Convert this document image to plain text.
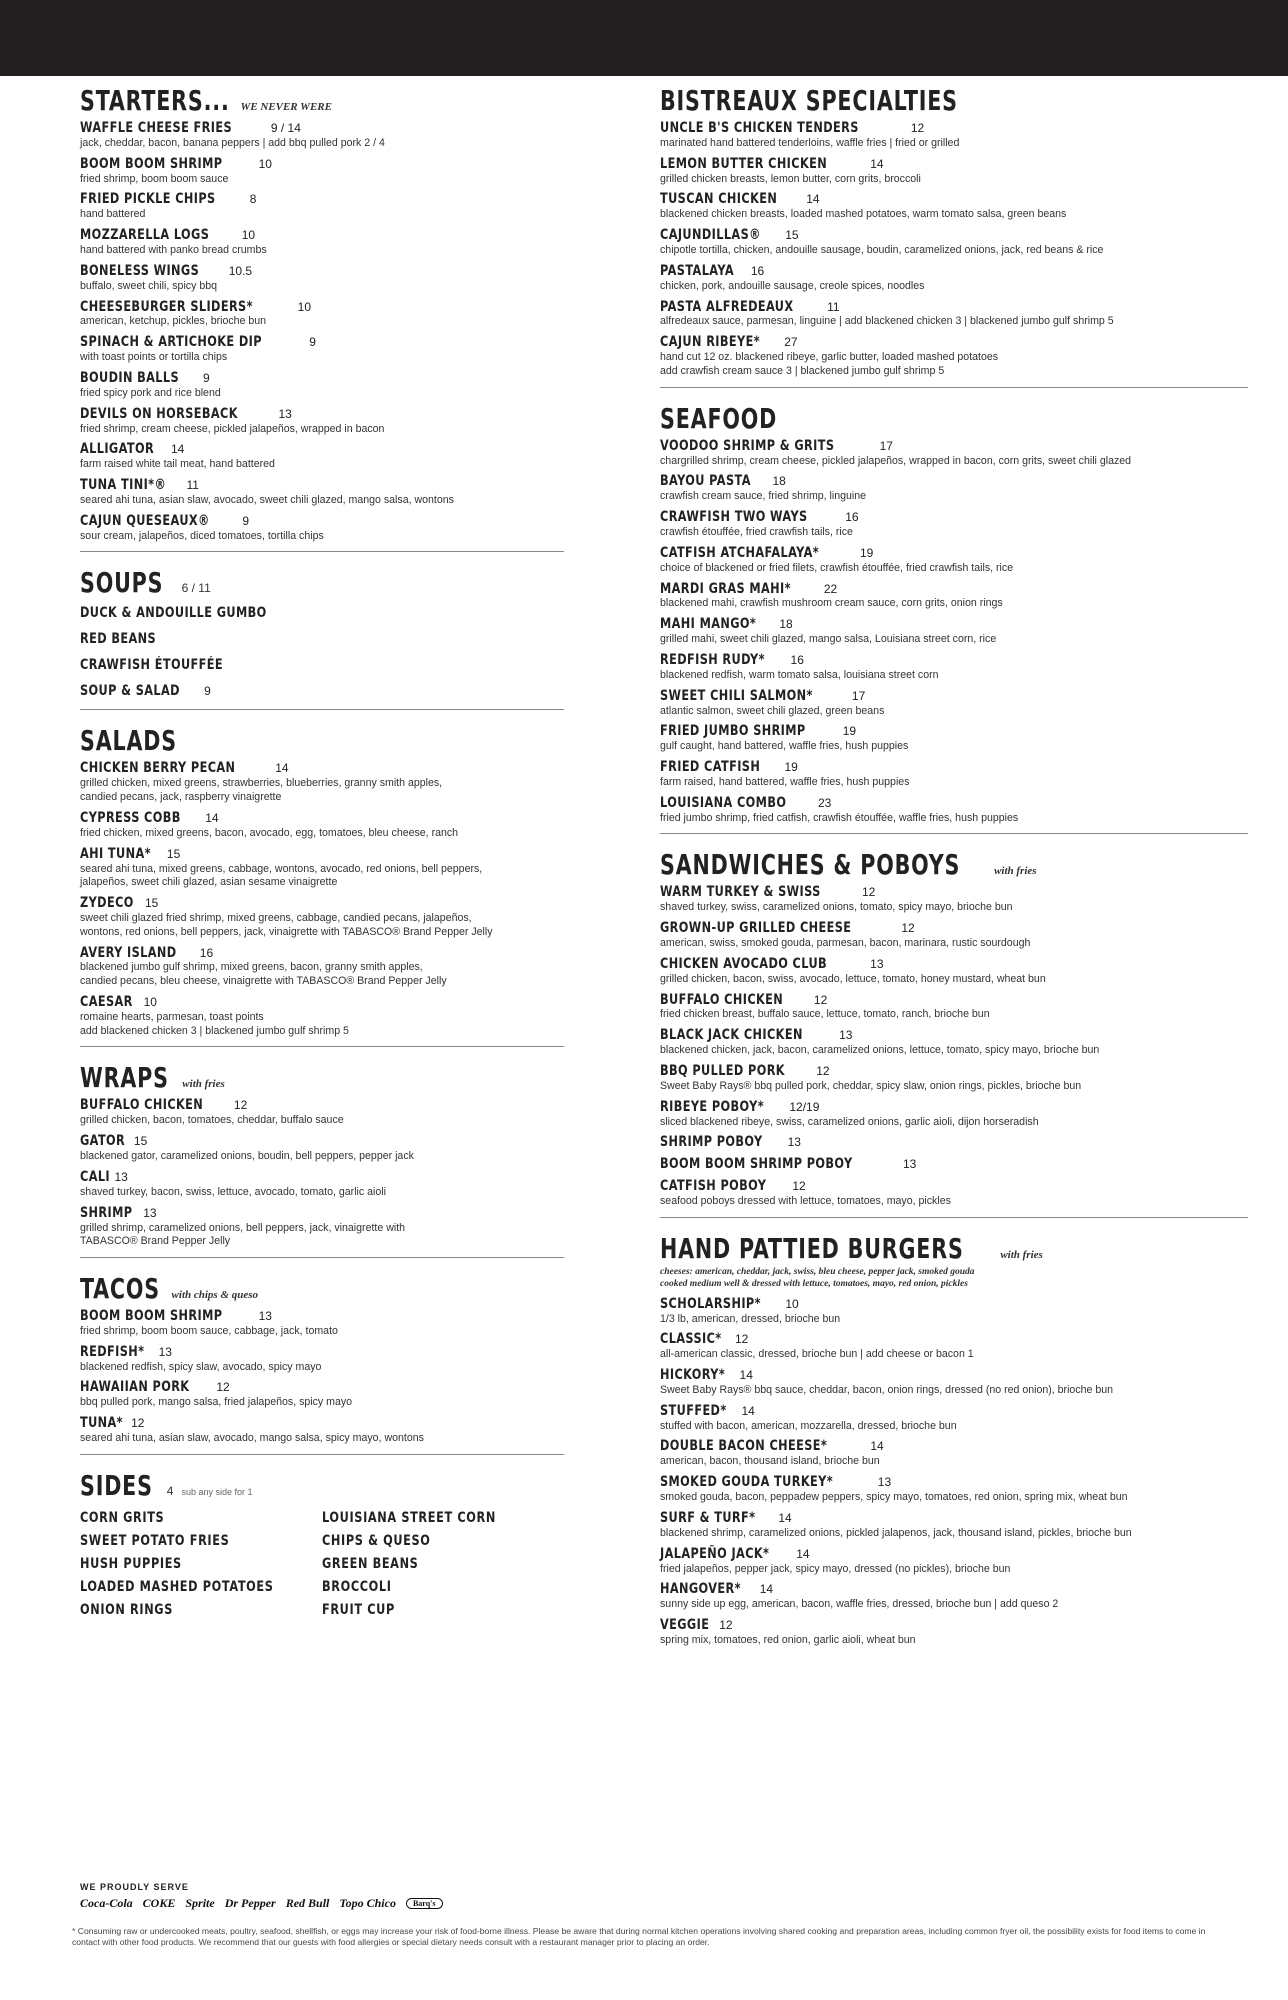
STARTERS... WE NEVER WERE
WAFFLE CHEESE FRIES	9 / 14
jack, cheddar, bacon, banana peppers | add bbq pulled pork 2 / 4
BOOM BOOM SHRIMP	10
fried shrimp, boom boom sauce
FRIED PICKLE CHIPS	8
hand battered
MOZZARELLA LOGS	10
hand battered with panko bread crumbs
BONELESS WINGS 10.5
buffalo, sweet chili, spicy bbq
CHEESEBURGER SLIDERS*	10
american, ketchup, pickles, brioche bun
SPINACH & ARTICHOKE DIP	9
with toast points or tortilla chips
BOUDIN BALLS 9
fried spicy pork and rice blend
DEVILS ON HORSEBACK	13
fried shrimp, cream cheese, pickled jalapeños, wrapped in bacon
ALLIGATOR 14
farm raised white tail meat, hand battered
TUNA TINI*® 11
seared ahi tuna, asian slaw, avocado, sweet chili glazed, mango salsa, wontons
CAJUN QUESEAUX®	9
sour cream, jalapeños, diced tomatoes, tortilla chips
SOUPS 6 / 11
DUCK & ANDOUILLE GUMBO
RED BEANS
CRAWFISH ÉTOUFFÉE
SOUP & SALAD 9
SALADS
CHICKEN BERRY PECAN	14
grilled chicken, mixed greens, strawberries, blueberries, granny smith apples,
candied pecans, jack, raspberry vinaigrette
CYPRESS COBB 14
fried chicken, mixed greens, bacon, avocado, egg, tomatoes, bleu cheese, ranch
AHI TUNA* 15
seared ahi tuna, mixed greens, cabbage, wontons, avocado, red onions, bell peppers,
jalapeños, sweet chili glazed, asian sesame vinaigrette
ZYDECO 15
sweet chili glazed fried shrimp, mixed greens, cabbage, candied pecans, jalapeños,
wontons, red onions, bell peppers, jack, vinaigrette with TABASCO® Brand Pepper Jelly
AVERY ISLAND 16
blackened jumbo gulf shrimp, mixed greens, bacon, granny smith apples,
candied pecans, bleu cheese, vinaigrette with TABASCO® Brand Pepper Jelly
CAESAR 10
romaine hearts, parmesan, toast points
add blackened chicken 3 | blackened jumbo gulf shrimp 5
WRAPS with fries
BUFFALO CHICKEN	12
grilled chicken, bacon, tomatoes, cheddar, buffalo sauce
GATOR 15
blackened gator, caramelized onions, boudin, bell peppers, pepper jack
CALI 13
shaved turkey, bacon, swiss, lettuce, avocado, tomato, garlic aioli
SHRIMP 13
grilled shrimp, caramelized onions, bell peppers, jack, vinaigrette with
TABASCO® Brand Pepper Jelly
TACOS with chips & queso
BOOM BOOM SHRIMP	13
fried shrimp, boom boom sauce, cabbage, jack, tomato
REDFISH* 13
blackened redfish, spicy slaw, avocado, spicy mayo
HAWAIIAN PORK 12
bbq pulled pork, mango salsa, fried jalapeños, spicy mayo
TUNA* 12
seared ahi tuna, asian slaw, avocado, mango salsa, spicy mayo, wontons
SIDES 4 sub any side for 1
CORN GRITS	LOUISIANA STREET CORN
SWEET POTATO FRIES	CHIPS & QUESO
HUSH PUPPIES	GREEN BEANS
LOADED MASHED POTATOES	BROCCOLI
ONION RINGS	FRUIT CUP
WE PROUDLY SERVE
Coca-Cola COKE Sprite Dr Pepper Red Bull Topo Chico	Barq's
BISTREAUX SPECIALTIES
UNCLE B'S CHICKEN TENDERS	12
marinated hand battered tenderloins, waffle fries | fried or grilled
LEMON BUTTER CHICKEN	14
grilled chicken breasts, lemon butter, corn grits, broccoli
TUSCAN CHICKEN 14
blackened chicken breasts, loaded mashed potatoes, warm tomato salsa, green beans
CAJUNDILLAS® 15
chipotle tortilla, chicken, andouille sausage, boudin, caramelized onions, jack, red beans & rice
PASTALAYA 16
chicken, pork, andouille sausage, creole spices, noodles
PASTA ALFREDEAUX	11
alfredeaux sauce, parmesan, linguine | add blackened chicken 3 | blackened jumbo gulf shrimp 5
CAJUN RIBEYE* 27
hand cut 12 oz. blackened ribeye, garlic butter, loaded mashed potatoes
add crawfish cream sauce 3 | blackened jumbo gulf shrimp 5
SEAFOOD
VOODOO SHRIMP & GRITS	17
chargrilled shrimp, cream cheese, pickled jalapeños, wrapped in bacon, corn grits, sweet chili glazed
BAYOU PASTA 18
crawfish cream sauce, fried shrimp, linguine
CRAWFISH TWO WAYS	16
crawfish étouffée, fried crawfish tails, rice
CATFISH ATCHAFALAYA*	19
choice of blackened or fried filets, crawfish étouffée, fried crawfish tails, rice
MARDI GRAS MAHI*	22
blackened mahi, crawfish mushroom cream sauce, corn grits, onion rings
MAHI MANGO* 18
grilled mahi, sweet chili glazed, mango salsa, Louisiana street corn, rice
REDFISH RUDY* 16
blackened redfish, warm tomato salsa, louisiana street corn
SWEET CHILI SALMON*	17
atlantic salmon, sweet chili glazed, green beans
FRIED JUMBO SHRIMP	19
gulf caught, hand battered, waffle fries, hush puppies
FRIED CATFISH 19
farm raised, hand battered, waffle fries, hush puppies
LOUISIANA COMBO	23
fried jumbo shrimp, fried catfish, crawfish étouffée, waffle fries, hush puppies
SANDWICHES & POBOYS	with fries
WARM TURKEY & SWISS	12
shaved turkey, swiss, caramelized onions, tomato, spicy mayo, brioche bun
GROWN-UP GRILLED CHEESE	12
american, swiss, smoked gouda, parmesan, bacon, marinara, rustic sourdough
CHICKEN AVOCADO CLUB	13
grilled chicken, bacon, swiss, avocado, lettuce, tomato, honey mustard, wheat bun
BUFFALO CHICKEN	12
fried chicken breast, buffalo sauce, lettuce, tomato, ranch, brioche bun
BLACK JACK CHICKEN	13
blackened chicken, jack, bacon, caramelized onions, lettuce, tomato, spicy mayo, brioche bun
BBQ PULLED PORK	12
Sweet Baby Rays® bbq pulled pork, cheddar, spicy slaw, onion rings, pickles, brioche bun
RIBEYE POBOY* 12/19
sliced blackened ribeye, swiss, caramelized onions, garlic aioli, dijon horseradish
SHRIMP POBOY 13
BOOM BOOM SHRIMP POBOY	13
CATFISH POBOY 12
seafood poboys dressed with lettuce, tomatoes, mayo, pickles
HAND PATTIED BURGERS	with fries
cheeses: american, cheddar, jack, swiss, bleu cheese, pepper jack, smoked gouda
cooked medium well & dressed with lettuce, tomatoes, mayo, red onion, pickles
SCHOLARSHIP* 10
1/3 lb, american, dressed, brioche bun
CLASSIC* 12
all-american classic, dressed, brioche bun | add cheese or bacon 1
HICKORY* 14
Sweet Baby Rays® bbq sauce, cheddar, bacon, onion rings, dressed (no red onion), brioche bun
STUFFED* 14
stuffed with bacon, american, mozzarella, dressed, brioche bun
DOUBLE BACON CHEESE*	14
american, bacon, thousand island, brioche bun
SMOKED GOUDA TURKEY*	13
smoked gouda, bacon, peppadew peppers, spicy mayo, tomatoes, red onion, spring mix, wheat bun
SURF & TURF* 14
blackened shrimp, caramelized onions, pickled jalapenos, jack, thousand island, pickles, brioche bun
JALAPEÑO JACK* 14
fried jalapeños, pepper jack, spicy mayo, dressed (no pickles), brioche bun
HANGOVER* 14
sunny side up egg, american, bacon, waffle fries, dressed, brioche bun | add queso 2
VEGGIE 12
spring mix, tomatoes, red onion, garlic aioli, wheat bun
* Consuming raw or undercooked meats, poultry, seafood, shellfish, or eggs may increase your risk of food-borne illness. Please be aware that during normal kitchen operations involving shared cooking and preparation areas, including common fryer oil, the possibility exists for food items to come in contact with other food products. We recommend that our guests with food allergies or special dietary needs consult with a restaurant manager prior to placing an order.
